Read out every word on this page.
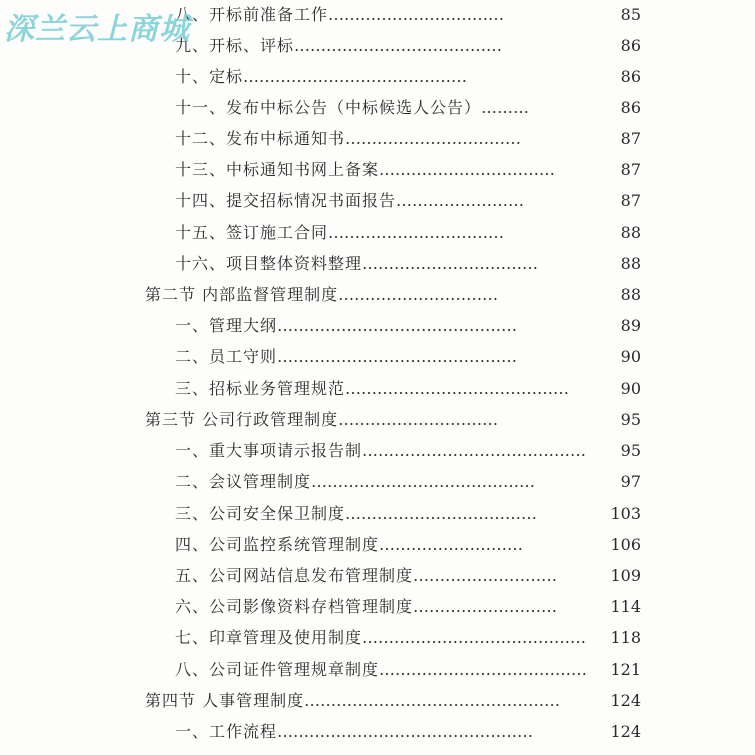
深兰云上商城
八、开标前准备工作……………………………	85
九、开标、评标…………………………………	86
十、定标……………………………………	86
十一、发布中标公告（中标候选人公告）………	86
十二、发布中标通知书……………………………	87
十三、中标通知书网上备案……………………………	87
十四、提交招标情况书面报告……………………	87
十五、签订施工合同……………………………	88
十六、项目整体资料整理……………………………	88
第二节 内部监督管理制度…………………………	88
一、管理大纲………………………………………	89
二、员工守则………………………………………	90
三、招标业务管理规范……………………………………	90
第三节 公司行政管理制度…………………………	95
一、重大事项请示报告制…………………………………… 95
二、会议管理制度……………………………………	97
三、公司安全保卫制度………………………………	103
四、公司监控系统管理制度………………………	106
五、公司网站信息发布管理制度………………………	109
六、公司影像资料存档管理制度………………………	114
七、印章管理及使用制度…………………………………… 118
八、公司证件管理规章制度………………………………… 121
第四节 人事管理制度…………………………………………	124
一、工作流程…………………………………………	124
